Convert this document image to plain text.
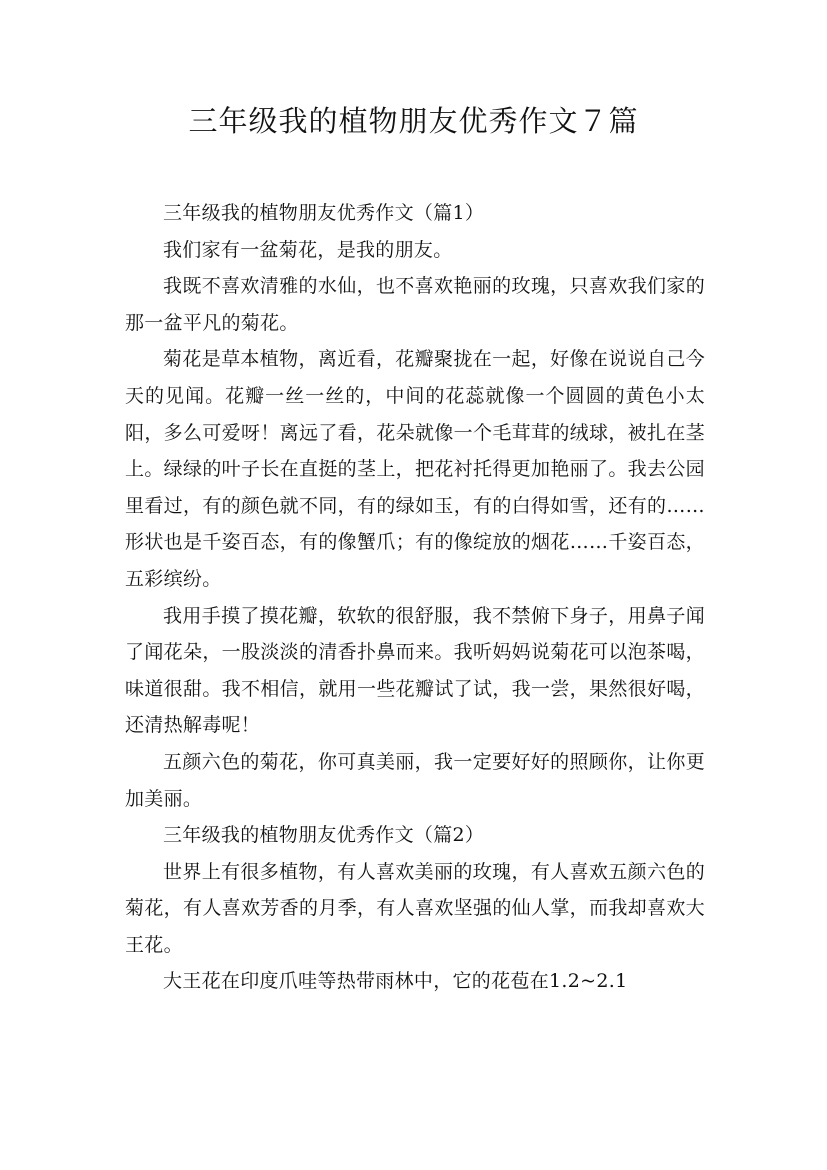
三年级我的植物朋友优秀作文７篇

三年级我的植物朋友优秀作文（篇1）

我们家有一盆菊花，是我的朋友。

我既不喜欢清雅的水仙，也不喜欢艳丽的玫瑰，只喜欢我们家的那一盆平凡的菊花。

菊花是草本植物，离近看，花瓣聚拢在一起，好像在说说自己今天的见闻。花瓣一丝一丝的，中间的花蕊就像一个圆圆的黄色小太阳，多么可爱呀！离远了看，花朵就像一个毛茸茸的绒球，被扎在茎上。绿绿的叶子长在直挺的茎上，把花衬托得更加艳丽了。我去公园里看过，有的颜色就不同，有的绿如玉，有的白得如雪，还有的……形状也是千姿百态，有的像蟹爪；有的像绽放的烟花……千姿百态，五彩缤纷。

我用手摸了摸花瓣，软软的很舒服，我不禁俯下身子，用鼻子闻了闻花朵，一股淡淡的清香扑鼻而来。我听妈妈说菊花可以泡茶喝，味道很甜。我不相信，就用一些花瓣试了试，我一尝，果然很好喝，还清热解毒呢！

五颜六色的菊花，你可真美丽，我一定要好好的照顾你，让你更加美丽。

三年级我的植物朋友优秀作文（篇2）

世界上有很多植物，有人喜欢美丽的玫瑰，有人喜欢五颜六色的菊花，有人喜欢芳香的月季，有人喜欢坚强的仙人掌，而我却喜欢大王花。

大王花在印度爪哇等热带雨林中，它的花苞在1.2~2.1
